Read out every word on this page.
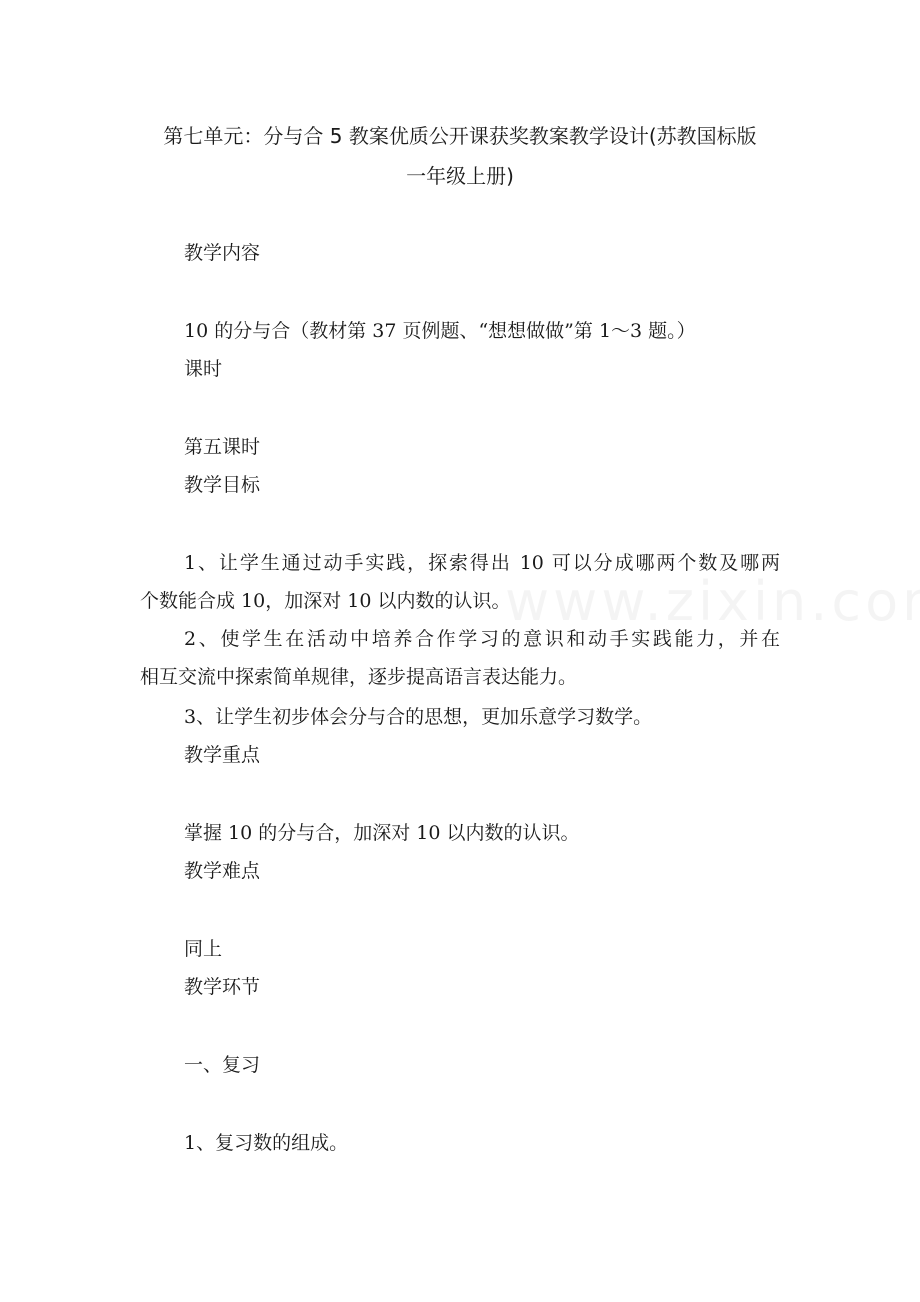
第七单元：分与合 5 教案优质公开课获奖教案教学设计(苏教国标版
一年级上册)

教学内容

10 的分与合（教材第 37 页例题、“想想做做”第 1～3 题。）

课时

第五课时

教学目标

1、让学生通过动手实践，探索得出 10 可以分成哪两个数及哪两

个数能合成 10，加深对 10 以内数的认识。

2、使学生在活动中培养合作学习的意识和动手实践能力，并在

相互交流中探索简单规律，逐步提高语言表达能力。

3、让学生初步体会分与合的思想，更加乐意学习数学。

教学重点

掌握 10 的分与合，加深对 10 以内数的认识。

教学难点

同上

教学环节

一、复习

1、复习数的组成。
